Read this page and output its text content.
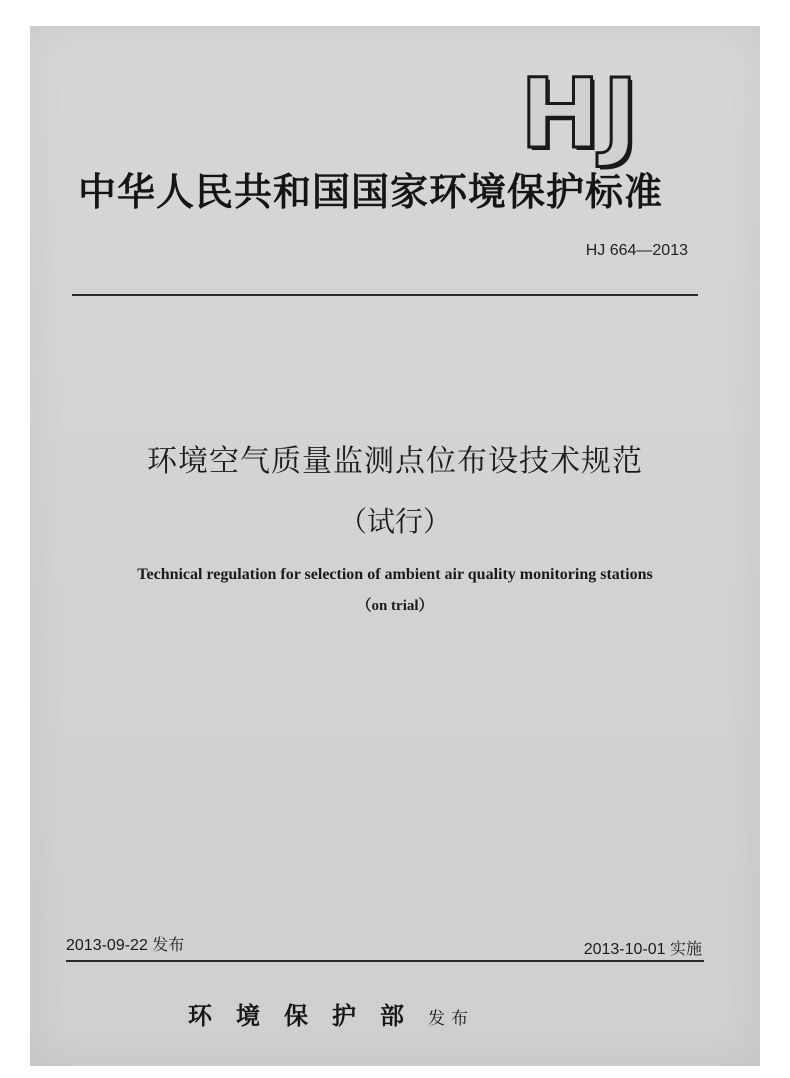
HJ
中华人民共和国国家环境保护标准
HJ 664—2013
环境空气质量监测点位布设技术规范
（试行）
Technical regulation for selection of ambient air quality monitoring stations
（on trial）
2013-09-22 发布	2013-10-01 实施
环境保护部发布
